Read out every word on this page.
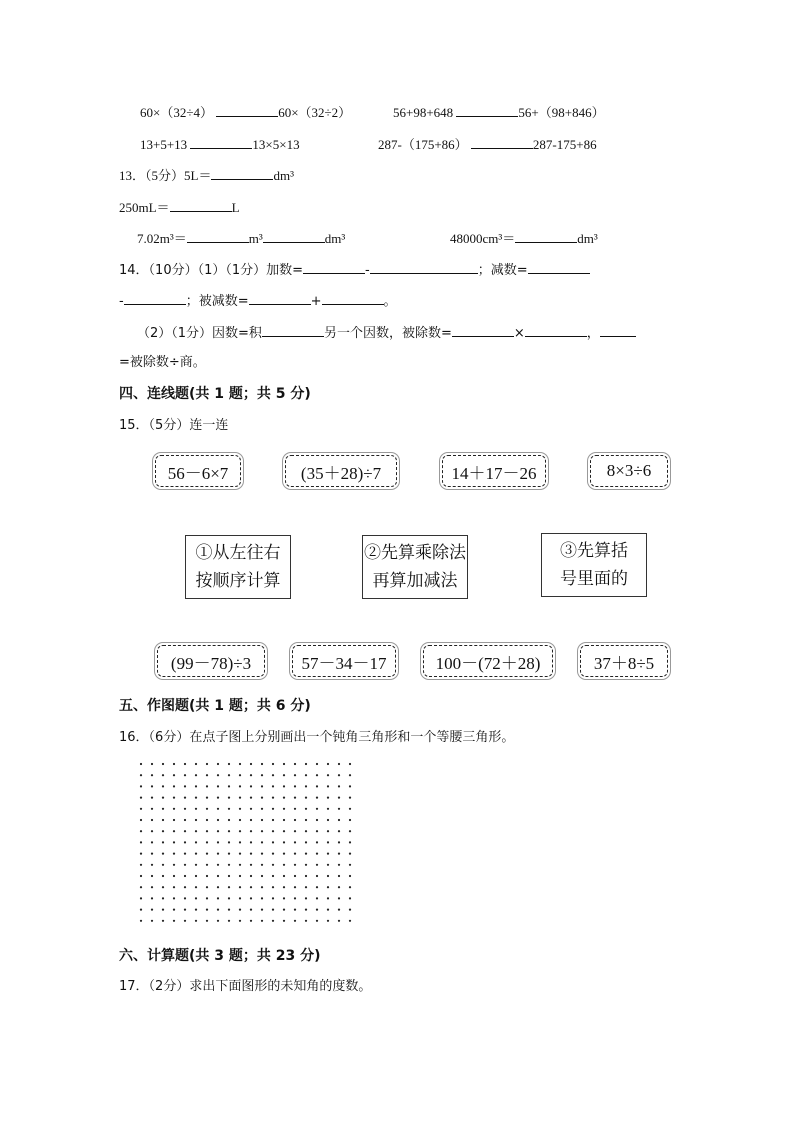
60×（32÷4）	60×（32÷2）	56+98+648	56+（98+846）
13+5+13	13×5×13	287-（175+86）	287-175+86
13．（5分）5L＝	dm³
250mL＝	L
7.02m³＝	m³	dm³	48000cm³＝	dm³
14．（10分）（1）（1分）加数=	-	；减数=
-	；被减数=	+	。
（2）（1分）因数=积	另一个因数，被除数=	×	，
=被除数÷商。
四、连线题(共 1 题；共 5 分)
15．（5分）连一连
56－6×7	(35＋28)÷7	14＋17－26	8×3÷6
①从左往右
按顺序计算
②先算乘除法
再算加减法
③先算括
号里面的
(99－78)÷3	57－34－17	100－(72＋28)	37＋8÷5
五、作图题(共 1 题；共 6 分)
16．（6分）在点子图上分别画出一个钝角三角形和一个等腰三角形。
六、计算题(共 3 题；共 23 分)
17．（2分）求出下面图形的未知角的度数。
